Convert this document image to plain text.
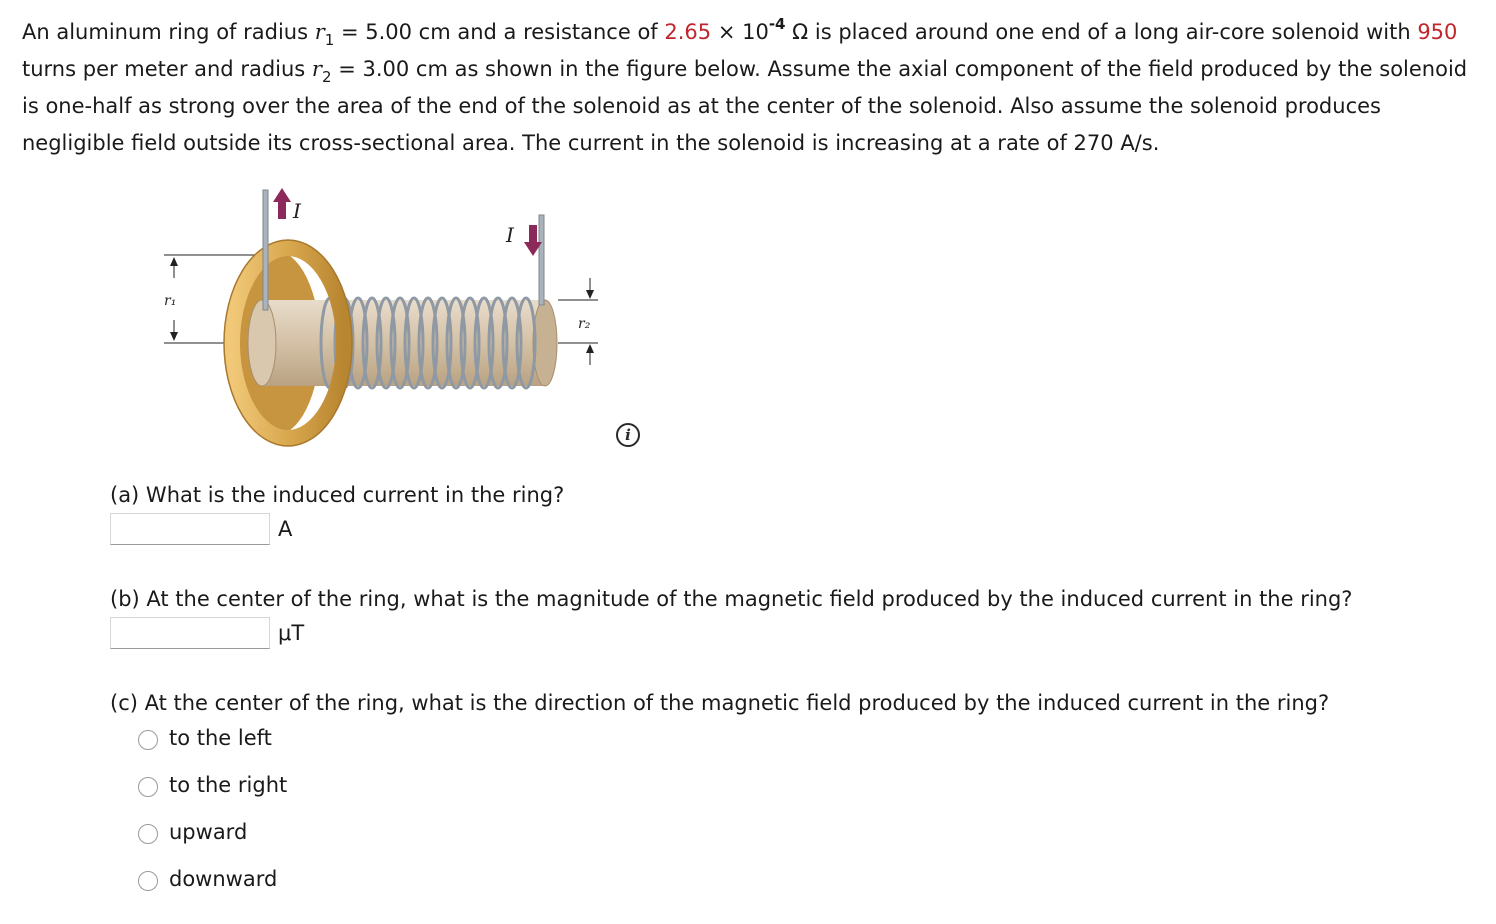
An aluminum ring of radius $r_1 = 5.00$ cm and a resistance of $2.65 \times 10^{-4}$ Ω is placed around one end of a long air-core solenoid with 950 turns per meter and radius $r_2 = 3.00$ cm as shown in the figure below. Assume the axial component of the field produced by the solenoid is one-half as strong over the area of the end of the solenoid as at the center of the solenoid. Also assume the solenoid produces negligible field outside its cross-sectional area. The current in the solenoid is increasing at a rate of 270 A/s.
r₁
I
I
r₂
i
(a) What is the induced current in the ring?
A
(b) At the center of the ring, what is the magnitude of the magnetic field produced by the induced current in the ring?
μT
(c) At the center of the ring, what is the direction of the magnetic field produced by the induced current in the ring?
to the left
to the right
upward
downward
